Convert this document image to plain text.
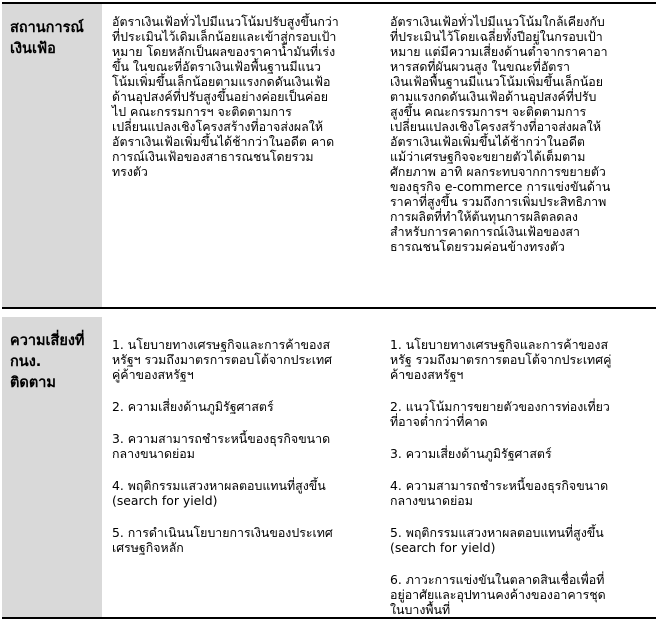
สถานการณ์
เงินเฟ้อ
อัตราเงินเฟ้อทั่วไปมีแนวโน้มปรับสูงขึ้นกว่า
ที่ประเมินไว้เดิมเล็กน้อยและเข้าสู่กรอบเป้า
หมาย โดยหลักเป็นผลของราคาน้ำมันที่เร่ง
ขึ้น ในขณะที่อัตราเงินเฟ้อพื้นฐานมีแนว
โน้มเพิ่มขึ้นเล็กน้อยตามแรงกดดันเงินเฟ้อ
ด้านอุปสงค์ที่ปรับสูงขึ้นอย่างค่อยเป็นค่อย
ไป คณะกรรมการฯ จะติดตามการ
เปลี่ยนแปลงเชิงโครงสร้างที่อาจส่งผลให้
อัตราเงินเฟ้อเพิ่มขึ้นได้ช้ากว่าในอดีต คาด
การณ์เงินเฟ้อของสาธารณชนโดยรวม
ทรงตัว
อัตราเงินเฟ้อทั่วไปมีแนวโน้มใกล้เคียงกับ
ที่ประเมินไว้โดยเฉลี่ยทั้งปีอยู่ในกรอบเป้า
หมาย แต่มีความเสี่ยงด้านต่ำจากราคาอา
หารสดที่ผันผวนสูง ในขณะที่อัตรา
เงินเฟ้อพื้นฐานมีแนวโน้มเพิ่มขึ้นเล็กน้อย
ตามแรงกดดันเงินเฟ้อด้านอุปสงค์ที่ปรับ
สูงขึ้น คณะกรรมการฯ จะติดตามการ
เปลี่ยนแปลงเชิงโครงสร้างที่อาจส่งผลให้
อัตราเงินเฟ้อเพิ่มขึ้นได้ช้ากว่าในอดีต
แม้ว่าเศรษฐกิจจะขยายตัวได้เต็มตาม
ศักยภาพ อาทิ ผลกระทบจากการขยายตัว
ของธุรกิจ e-commerce การแข่งขันด้าน
ราคาที่สูงขึ้น รวมถึงการเพิ่มประสิทธิภาพ
การผลิตที่ทำให้ต้นทุนการผลิตลดลง
สำหรับการคาดการณ์เงินเฟ้อของสา
ธารณชนโดยรวมค่อนข้างทรงตัว
ความเสี่ยงที่
กนง.
ติดตาม
1. นโยบายทางเศรษฐกิจและการค้าของส
หรัฐฯ รวมถึงมาตรการตอบโต้จากประเทศ
คู่ค้าของสหรัฐฯ
2. ความเสี่ยงด้านภูมิรัฐศาสตร์
3. ความสามารถชำระหนี้ของธุรกิจขนาด
กลางขนาดย่อม
4. พฤติกรรมแสวงหาผลตอบแทนที่สูงขึ้น
(search for yield)
5. การดำเนินนโยบายการเงินของประเทศ
เศรษฐกิจหลัก
1. นโยบายทางเศรษฐกิจและการค้าของส
หรัฐ รวมถึงมาตรการตอบโต้จากประเทศคู่
ค้าของสหรัฐฯ
2. แนวโน้มการขยายตัวของการท่องเที่ยว
ที่อาจต่ำกว่าที่คาด
3. ความเสี่ยงด้านภูมิรัฐศาสตร์
4. ความสามารถชำระหนี้ของธุรกิจขนาด
กลางขนาดย่อม
5. พฤติกรรมแสวงหาผลตอบแทนที่สูงขึ้น
(search for yield)
6. ภาวะการแข่งขันในตลาดสินเชื่อเพื่อที่
อยู่อาศัยและอุปทานคงค้างของอาคารชุด
ในบางพื้นที่
